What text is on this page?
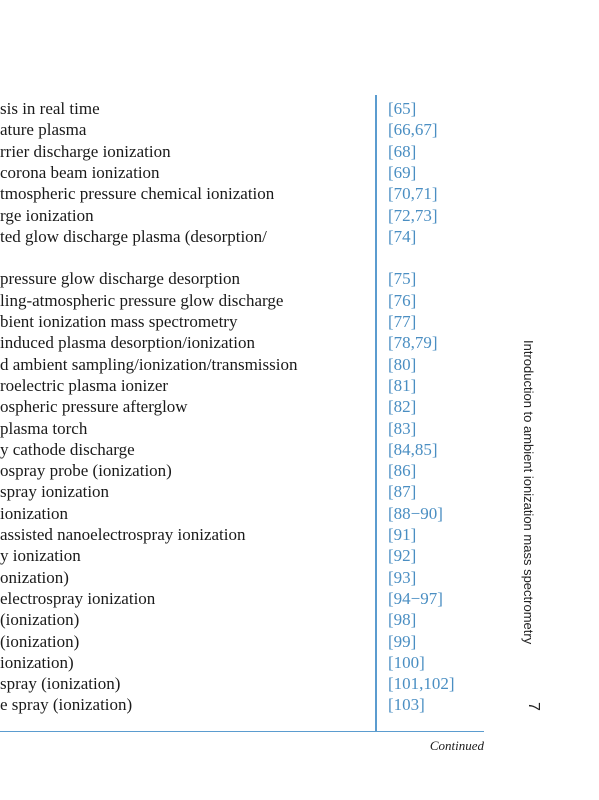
sis in real time	[65]
ature plasma	[66,67]
rrier discharge ionization	[68]
corona beam ionization	[69]
tmospheric pressure chemical ionization	[70,71]
rge ionization	[72,73]
ted glow discharge plasma (desorption/	[74]
pressure glow discharge desorption	[75]
ling-atmospheric pressure glow discharge	[76]
bient ionization mass spectrometry	[77]
induced plasma desorption/ionization	[78,79]
d ambient sampling/ionization/transmission	[80]
roelectric plasma ionizer	[81]
ospheric pressure afterglow	[82]
plasma torch	[83]
y cathode discharge	[84,85]
ospray probe (ionization)	[86]
spray ionization	[87]
ionization	[88−90]
assisted nanoelectrospray ionization	[91]
y ionization	[92]
onization)	[93]
electrospray ionization	[94−97]
(ionization)	[98]
(ionization)	[99]
ionization)	[100]
spray (ionization)	[101,102]
e spray (ionization)	[103]
Continued
Introduction to ambient ionization mass spectrometry
7
